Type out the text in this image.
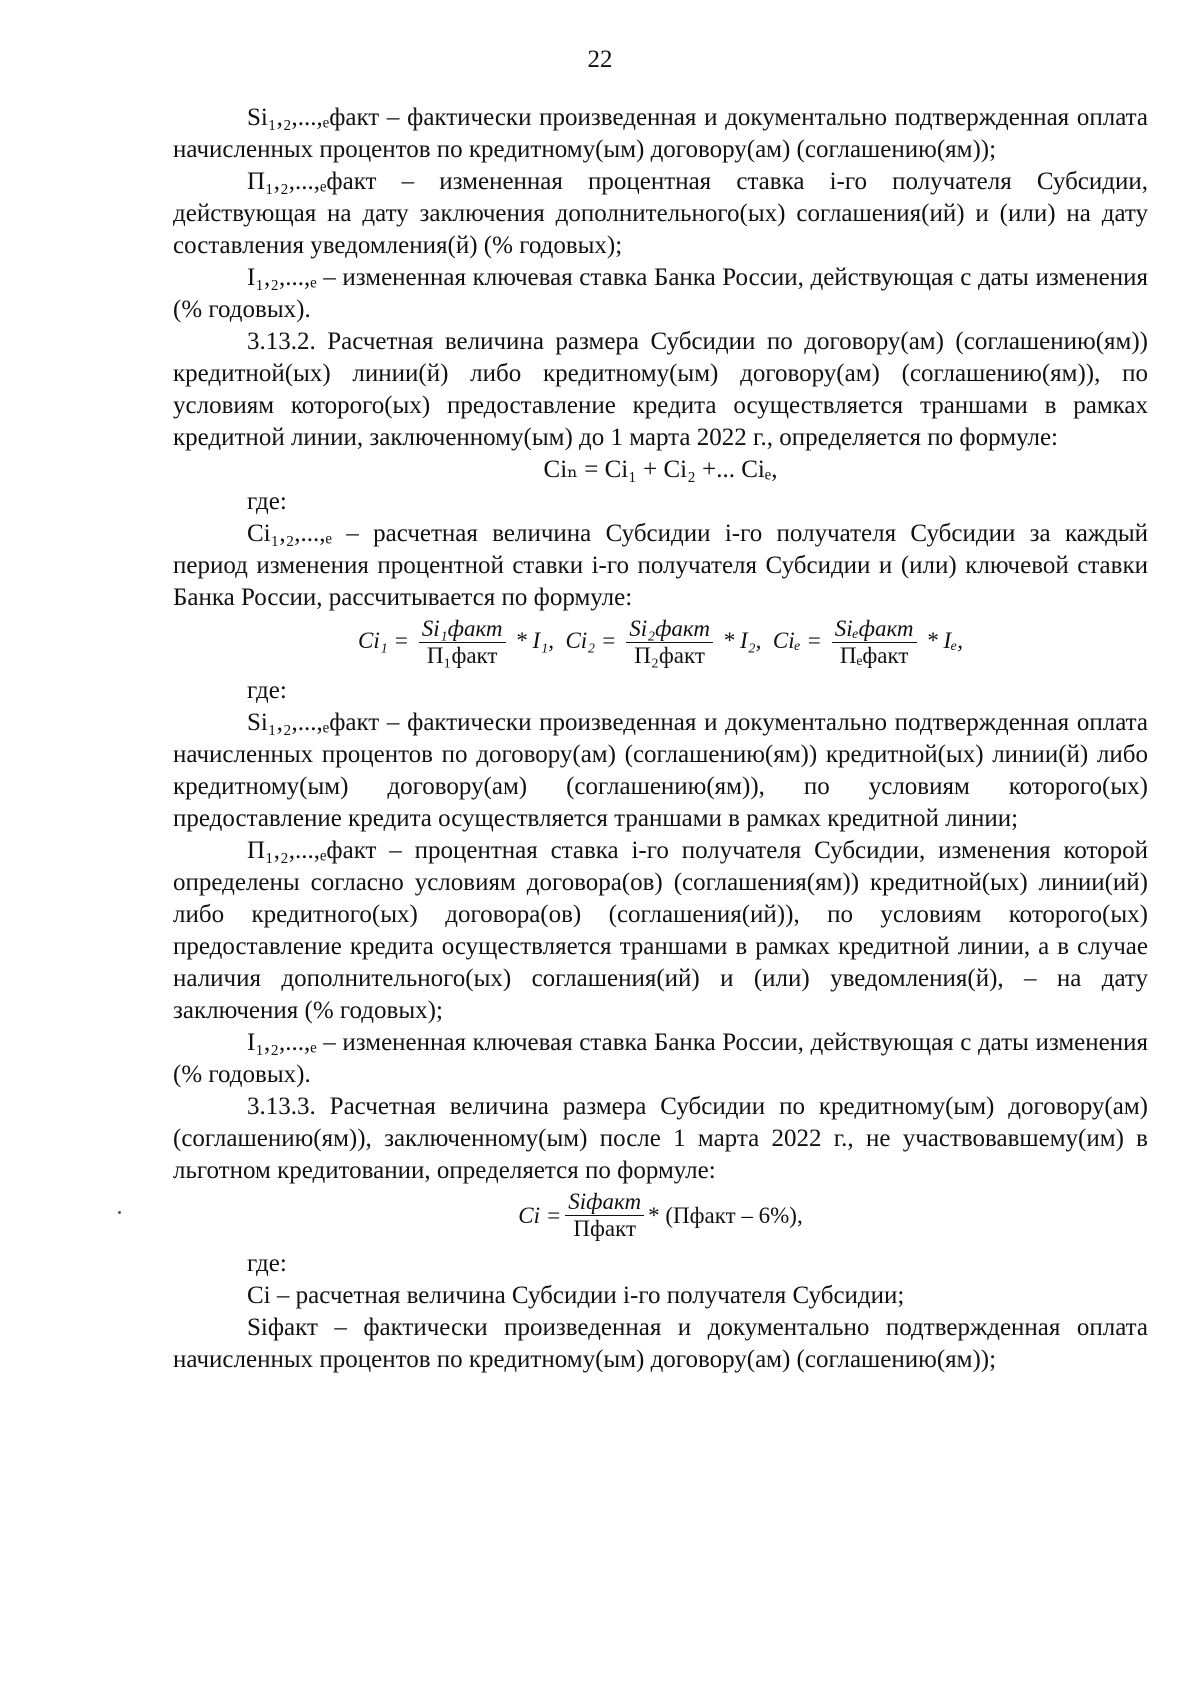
22

Si₁,₂,...,ₑфакт – фактически произведенная и документально подтвержденная оплата начисленных процентов по кредитному(ым) договору(ам) (соглашению(ям));

П₁,₂,...,ₑфакт – измененная процентная ставка i-го получателя Субсидии, действующая на дату заключения дополнительного(ых) соглашения(ий) и (или) на дату составления уведомления(й) (% годовых);

I₁,₂,...,ₑ – измененная ключевая ставка Банка России, действующая с даты изменения (% годовых).

3.13.2. Расчетная величина размера Субсидии по договору(ам) (соглашению(ям)) кредитной(ых) линии(й) либо кредитному(ым) договору(ам) (соглашению(ям)), по условиям которого(ых) предоставление кредита осуществляется траншами в рамках кредитной линии, заключенному(ым) до 1 марта 2022 г., определяется по формуле:

Ciₙ = Ci₁ + Ci₂ +... Ciₑ,

где:

Ci₁,₂,...,ₑ – расчетная величина Субсидии i-го получателя Субсидии за каждый период изменения процентной ставки i-го получателя Субсидии и (или) ключевой ставки Банка России, рассчитывается по формуле:

$Ci_1 = \frac{\text{Si₁факт}}{\text{П₁факт}} * I_1$,
$Ci_2 = \frac{\text{Si₂факт}}{\text{П₂факт}} * I_2$,
$Ci_e = \frac{\text{Siₑфакт}}{\text{Пₑфакт}} * I_e$,

где:

Si₁,₂,...,ₑфакт – фактически произведенная и документально подтвержденная оплата начисленных процентов по договору(ам) (соглашению(ям)) кредитной(ых) линии(й) либо кредитному(ым) договору(ам) (соглашению(ям)), по условиям которого(ых) предоставление кредита осуществляется траншами в рамках кредитной линии;

П₁,₂,...,ₑфакт – процентная ставка i-го получателя Субсидии, изменения которой определены согласно условиям договора(ов) (соглашения(ям)) кредитной(ых) линии(ий) либо кредитного(ых) договора(ов) (соглашения(ий)), по условиям которого(ых) предоставление кредита осуществляется траншами в рамках кредитной линии, а в случае наличия дополнительного(ых) соглашения(ий) и (или) уведомления(й), – на дату заключения (% годовых);

I₁,₂,...,ₑ – измененная ключевая ставка Банка России, действующая с даты изменения (% годовых).

3.13.3. Расчетная величина размера Субсидии по кредитному(ым) договору(ам) (соглашению(ям)), заключенному(ым) после 1 марта 2022 г., не участвовавшему(им) в льготном кредитовании, определяется по формуле:

$Ci = \frac{\text{Siфакт}}{\text{Пфакт}}$ * (Пфакт – 6%),

где:

Ci – расчетная величина Субсидии i-го получателя Субсидии;

Siфакт – фактически произведенная и документально подтвержденная оплата начисленных процентов по кредитному(ым) договору(ам) (соглашению(ям));
